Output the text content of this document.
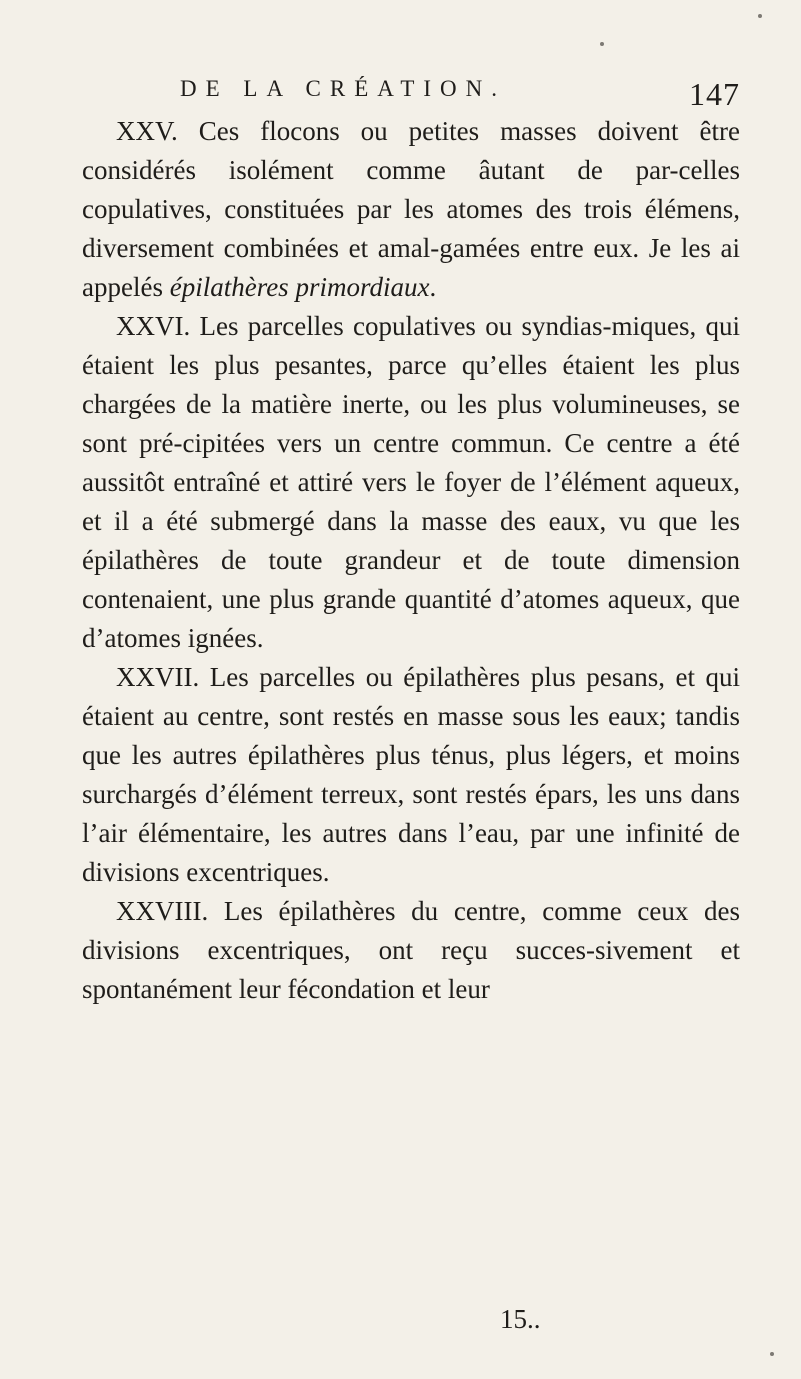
DE LA CRÉATION.	147

XXV. Ces flocons ou petites masses doivent être considérés isolément comme âutant de par-celles copulatives, constituées par les atomes des trois élémens, diversement combinées et amal-gamées entre eux. Je les ai appelés épilathères primordiaux.

XXVI. Les parcelles copulatives ou syndias-miques, qui étaient les plus pesantes, parce qu’elles étaient les plus chargées de la matière inerte, ou les plus volumineuses, se sont pré-cipitées vers un centre commun. Ce centre a été aussitôt entraîné et attiré vers le foyer de l’élément aqueux, et il a été submergé dans la masse des eaux, vu que les épilathères de toute grandeur et de toute dimension contenaient, une plus grande quantité d’atomes aqueux, que d’atomes ignées.

XXVII. Les parcelles ou épilathères plus pesans, et qui étaient au centre, sont restés en masse sous les eaux; tandis que les autres épilathères plus ténus, plus légers, et moins surchargés d’élément terreux, sont restés épars, les uns dans l’air élémentaire, les autres dans l’eau, par une infinité de divisions excentriques.

XXVIII. Les épilathères du centre, comme ceux des divisions excentriques, ont reçu succes-sivement et spontanément leur fécondation et leur

15..
